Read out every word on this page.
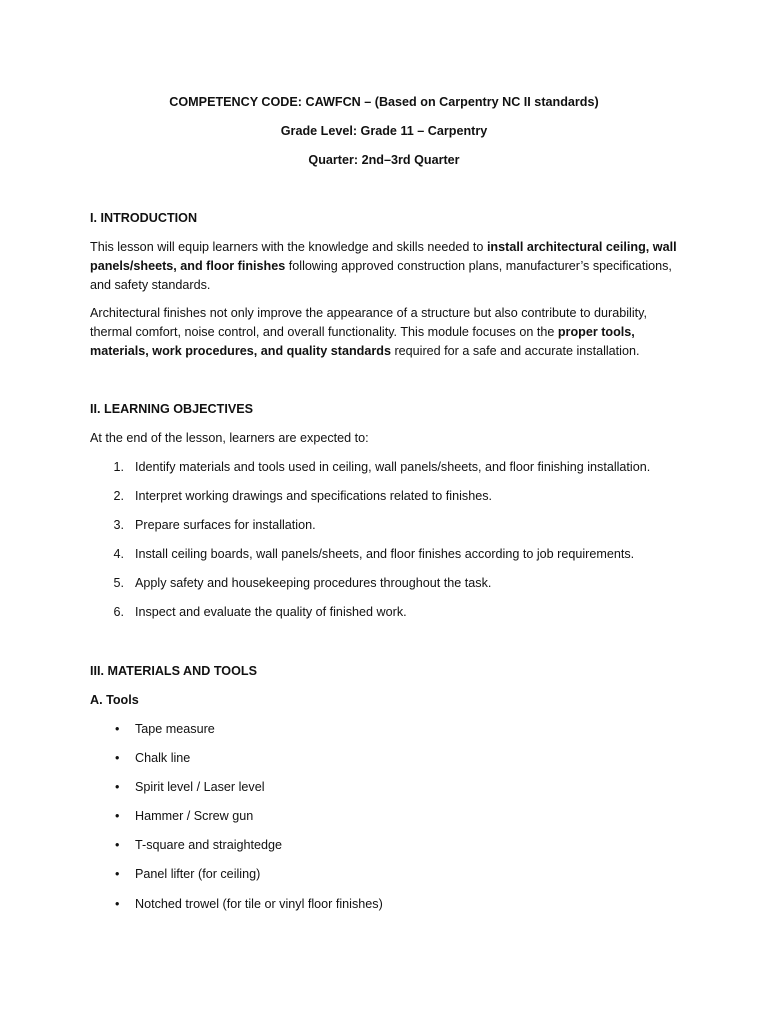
COMPETENCY CODE: CAWFCN – (Based on Carpentry NC II standards)
Grade Level: Grade 11 – Carpentry
Quarter: 2nd–3rd Quarter
I. INTRODUCTION
This lesson will equip learners with the knowledge and skills needed to install architectural ceiling, wall panels/sheets, and floor finishes following approved construction plans, manufacturer’s specifications, and safety standards.
Architectural finishes not only improve the appearance of a structure but also contribute to durability, thermal comfort, noise control, and overall functionality. This module focuses on the proper tools, materials, work procedures, and quality standards required for a safe and accurate installation.
II. LEARNING OBJECTIVES
At the end of the lesson, learners are expected to:
1. Identify materials and tools used in ceiling, wall panels/sheets, and floor finishing installation.
2. Interpret working drawings and specifications related to finishes.
3. Prepare surfaces for installation.
4. Install ceiling boards, wall panels/sheets, and floor finishes according to job requirements.
5. Apply safety and housekeeping procedures throughout the task.
6. Inspect and evaluate the quality of finished work.
III. MATERIALS AND TOOLS
A. Tools
• Tape measure
• Chalk line
• Spirit level / Laser level
• Hammer / Screw gun
• T-square and straightedge
• Panel lifter (for ceiling)
• Notched trowel (for tile or vinyl floor finishes)
